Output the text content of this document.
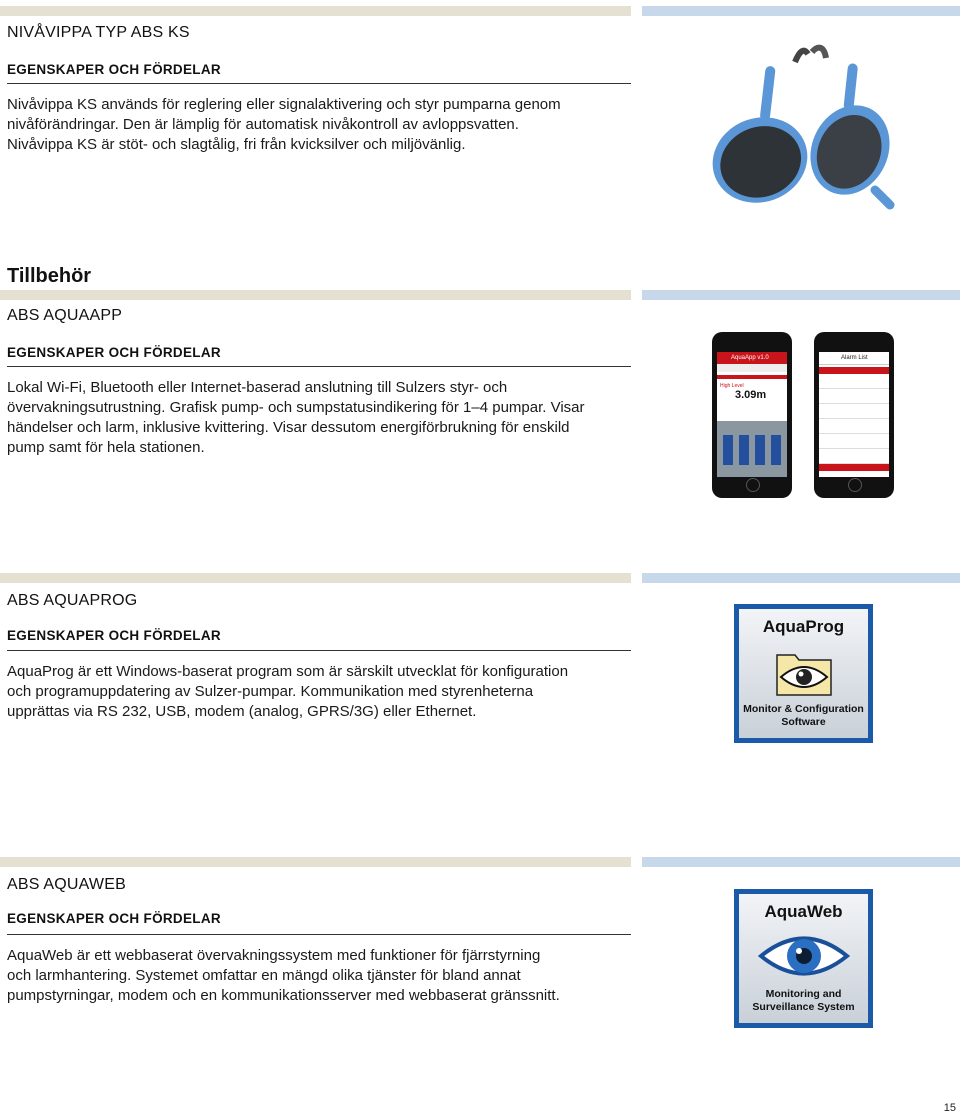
NIVÅVIPPA TYP ABS KS
EGENSKAPER OCH FÖRDELAR

Nivåvippa KS används för reglering eller signalaktivering och styr pumparna genom

nivåförändringar. Den är lämplig för automatisk nivåkontroll av avloppsvatten.

Nivåvippa KS är stöt- och slagtålig, fri från kvicksilver och miljövänlig.

Tillbehör
ABS AQUAAPP
EGENSKAPER OCH FÖRDELAR

Lokal Wi-Fi, Bluetooth eller Internet-baserad anslutning till Sulzers styr- och

övervakningsutrustning. Grafisk pump- och sumpstatusindikering för 1–4 pumpar. Visar

händelser och larm, inklusive kvittering. Visar dessutom energiförbrukning för enskild

pump samt för hela stationen.

AquaApp v1.0
High Level
3.09m
Alarm List
ABS AQUAPROG
EGENSKAPER OCH FÖRDELAR

AquaProg är ett Windows-baserat program som är särskilt utvecklat för konfiguration

och programuppdatering av Sulzer-pumpar. Kommunikation med styrenheterna

upprättas via RS 232, USB, modem (analog, GPRS/3G) eller Ethernet.

AquaProg
Monitor & Configuration
Software
ABS AQUAWEB
EGENSKAPER OCH FÖRDELAR

AquaWeb är ett webbaserat övervakningssystem med funktioner för fjärrstyrning

och larmhantering. Systemet omfattar en mängd olika tjänster för bland annat

pumpstyrningar, modem och en kommunikationsserver med webbaserat gränssnitt.

AquaWeb
Monitoring and
Surveillance System
15
